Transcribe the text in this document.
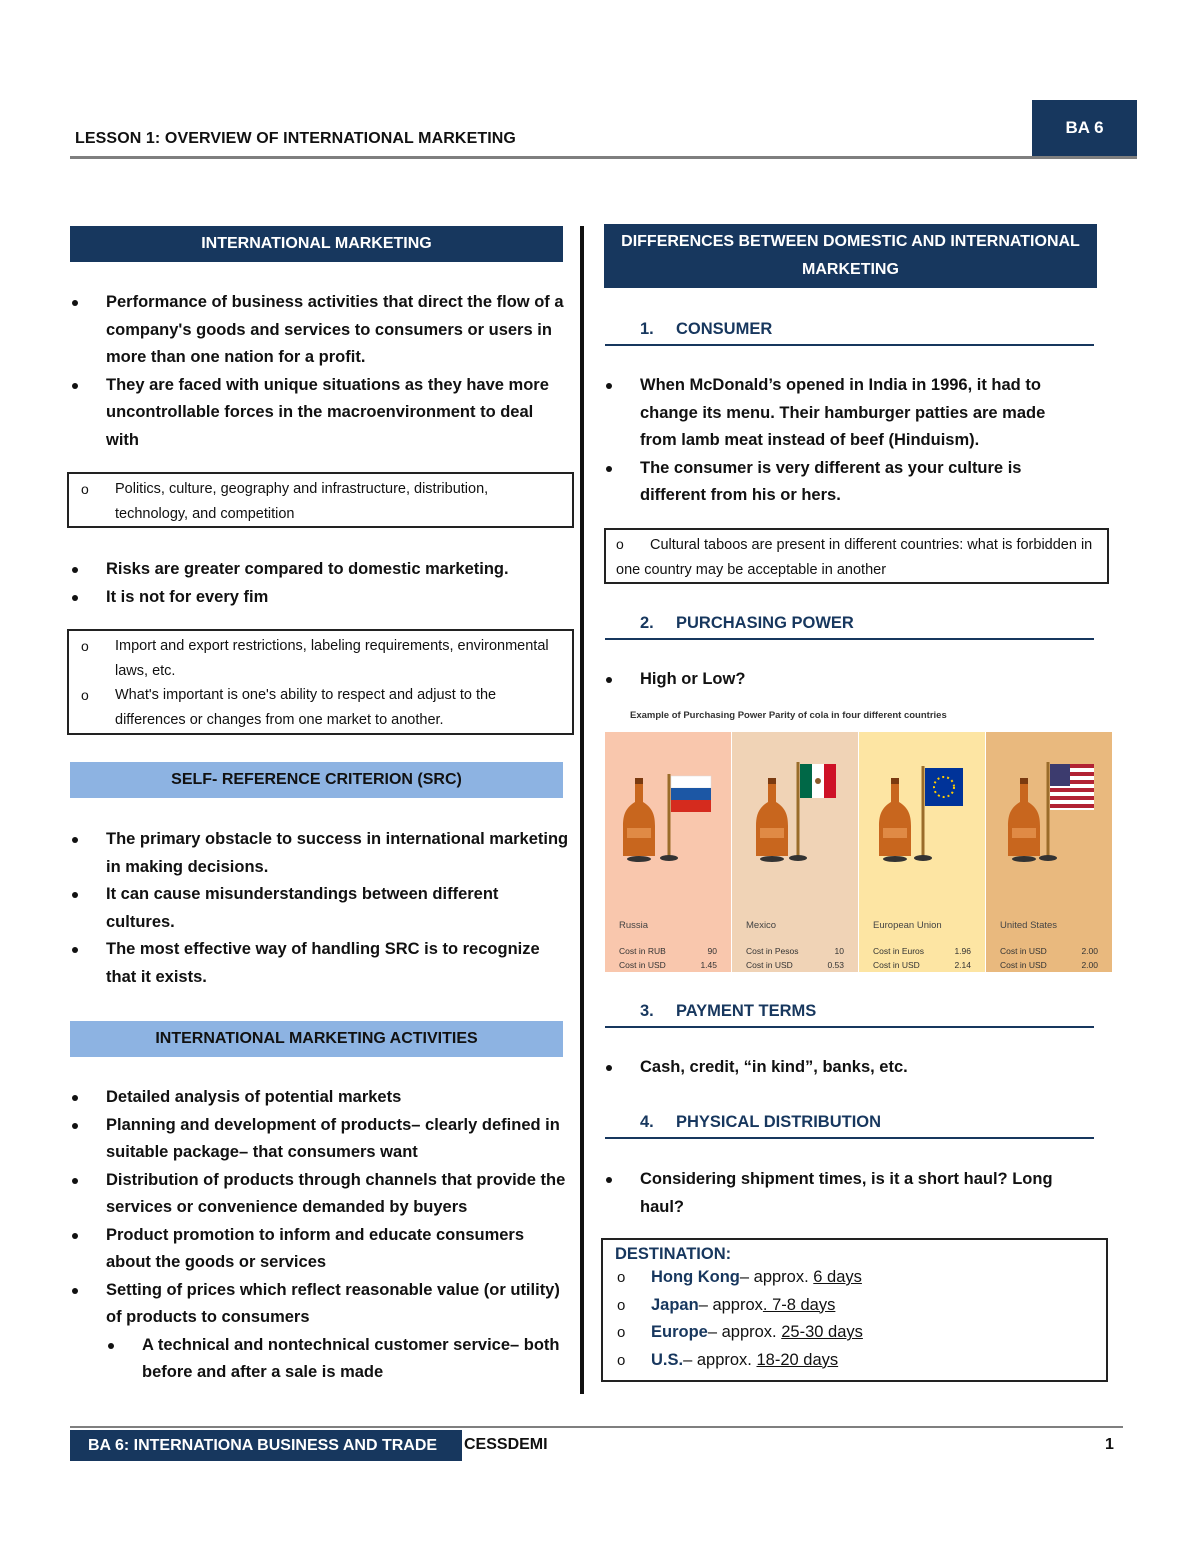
LESSON 1: OVERVIEW OF INTERNATIONAL MARKETING
BA 6
INTERNATIONAL MARKETING
Performance of business activities that direct the flow of a company's goods and services to consumers or users in more than one nation for a profit.
They are faced with unique situations as they have more uncontrollable forces in the macroenvironment to deal with
o Politics, culture, geography and infrastructure, distribution, technology, and competition
Risks are greater compared to domestic marketing.
It is not for every fim
o Import and export restrictions, labeling requirements, environmental laws, etc.
o What's important is one's ability to respect and adjust to the differences or changes from one market to another.
SELF- REFERENCE CRITERION (SRC)
The primary obstacle to success in international marketing in making decisions.
It can cause misunderstandings between different cultures.
The most effective way of handling SRC is to recognize that it exists.
INTERNATIONAL MARKETING ACTIVITIES
Detailed analysis of potential markets
Planning and development of products– clearly defined in suitable package– that consumers want
Distribution of products through channels that provide the services or convenience demanded by buyers
Product promotion to inform and educate consumers about the goods or services
Setting of prices which reflect reasonable value (or utility) of products to consumers
A technical and nontechnical customer service– both before and after a sale is made
DIFFERENCES BETWEEN DOMESTIC AND INTERNATIONAL MARKETING
1. CONSUMER
When McDonald’s opened in India in 1996, it had to change its menu. Their hamburger patties are made from lamb meat instead of beef (Hinduism).
The consumer is very different as your culture is different from his or hers.
o Cultural taboos are present in different countries: what is forbidden in one country may be acceptable in another
2. PURCHASING POWER
High or Low?
Example of Purchasing Power Parity of cola in four different countries
Russia
Cost in RUB	90
Cost in USD	1.45
Mexico
Cost in Pesos	10
Cost in USD	0.53
European Union
Cost in Euros	1.96
Cost in USD	2.14
United States
Cost in USD	2.00
Cost in USD	2.00
3. PAYMENT TERMS
Cash, credit, “in kind”, banks, etc.
4. PHYSICAL DISTRIBUTION
Considering shipment times, is it a short haul? Long haul?
DESTINATION:
o Hong Kong– approx. 6 days
o Japan– approx. 7-8 days
o Europe– approx. 25-30 days
o U.S.– approx. 18-20 days
BA 6: INTERNATIONA BUSINESS AND TRADE	CESSDEMI	1
